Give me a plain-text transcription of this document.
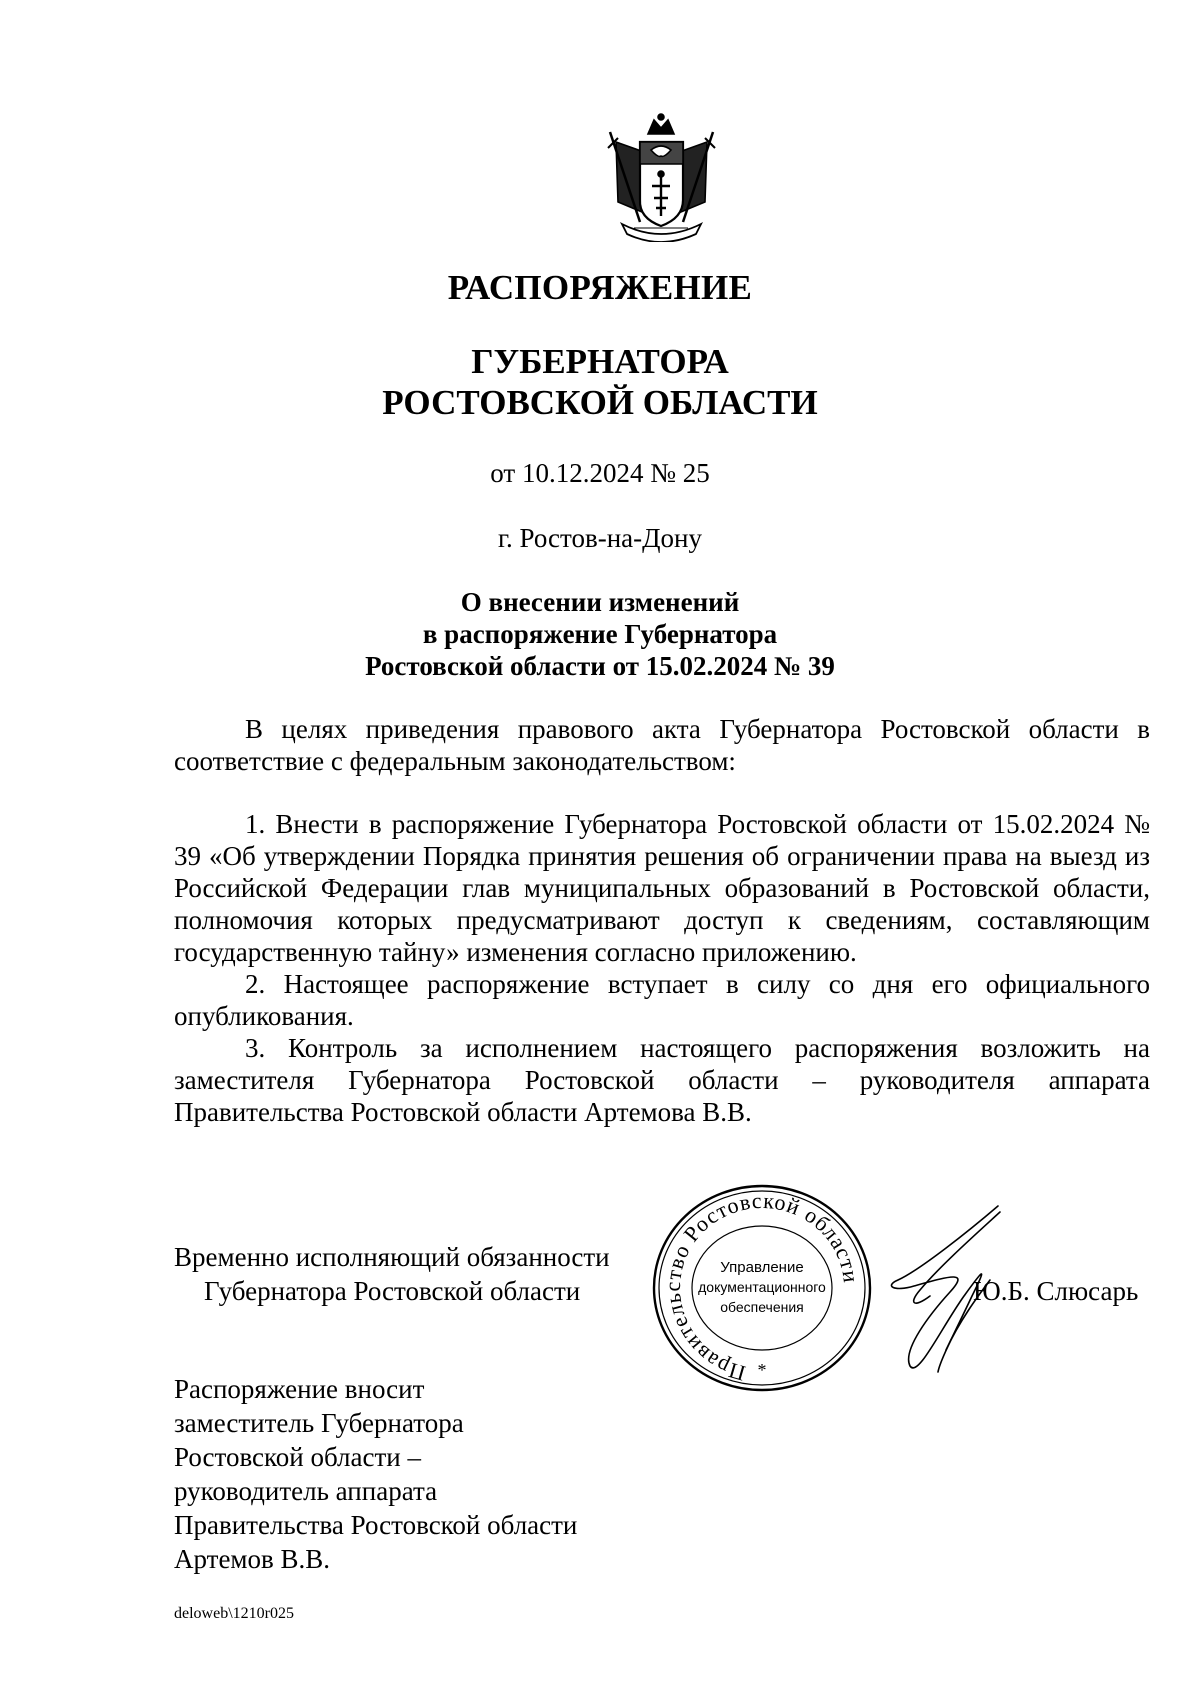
РАСПОРЯЖЕНИЕ
ГУБЕРНАТОРА
РОСТОВСКОЙ ОБЛАСТИ
от 10.12.2024 № 25
г. Ростов-на-Дону
О внесении изменений
в распоряжение Губернатора
Ростовской области от 15.02.2024 № 39

В целях приведения правового акта Губернатора Ростовской области в соответствие с федеральным законодательством:

1. Внести в распоряжение Губернатора Ростовской области от 15.02.2024 № 39 «Об утверждении Порядка принятия решения об ограничении права на выезд из Российской Федерации глав муниципальных образований в Ростовской области, полномочия которых предусматривают доступ к сведениям, составляющим государственную тайну» изменения согласно приложению.

2. Настоящее распоряжение вступает в силу со дня его официального опубликования.

3. Контроль за исполнением настоящего распоряжения возложить на заместителя Губернатора Ростовской области – руководителя аппарата Правительства Ростовской области Артемова В.В.

Временно исполняющий обязанности
Губернатора Ростовской области
Правительство Ростовской области
Управление
документационного
обеспечения
*
Ю.Б. Слюсарь
Распоряжение вносит
заместитель Губернатора
Ростовской области –
руководитель аппарата
Правительства Ростовской области
Артемов В.В.
deloweb\1210r025
